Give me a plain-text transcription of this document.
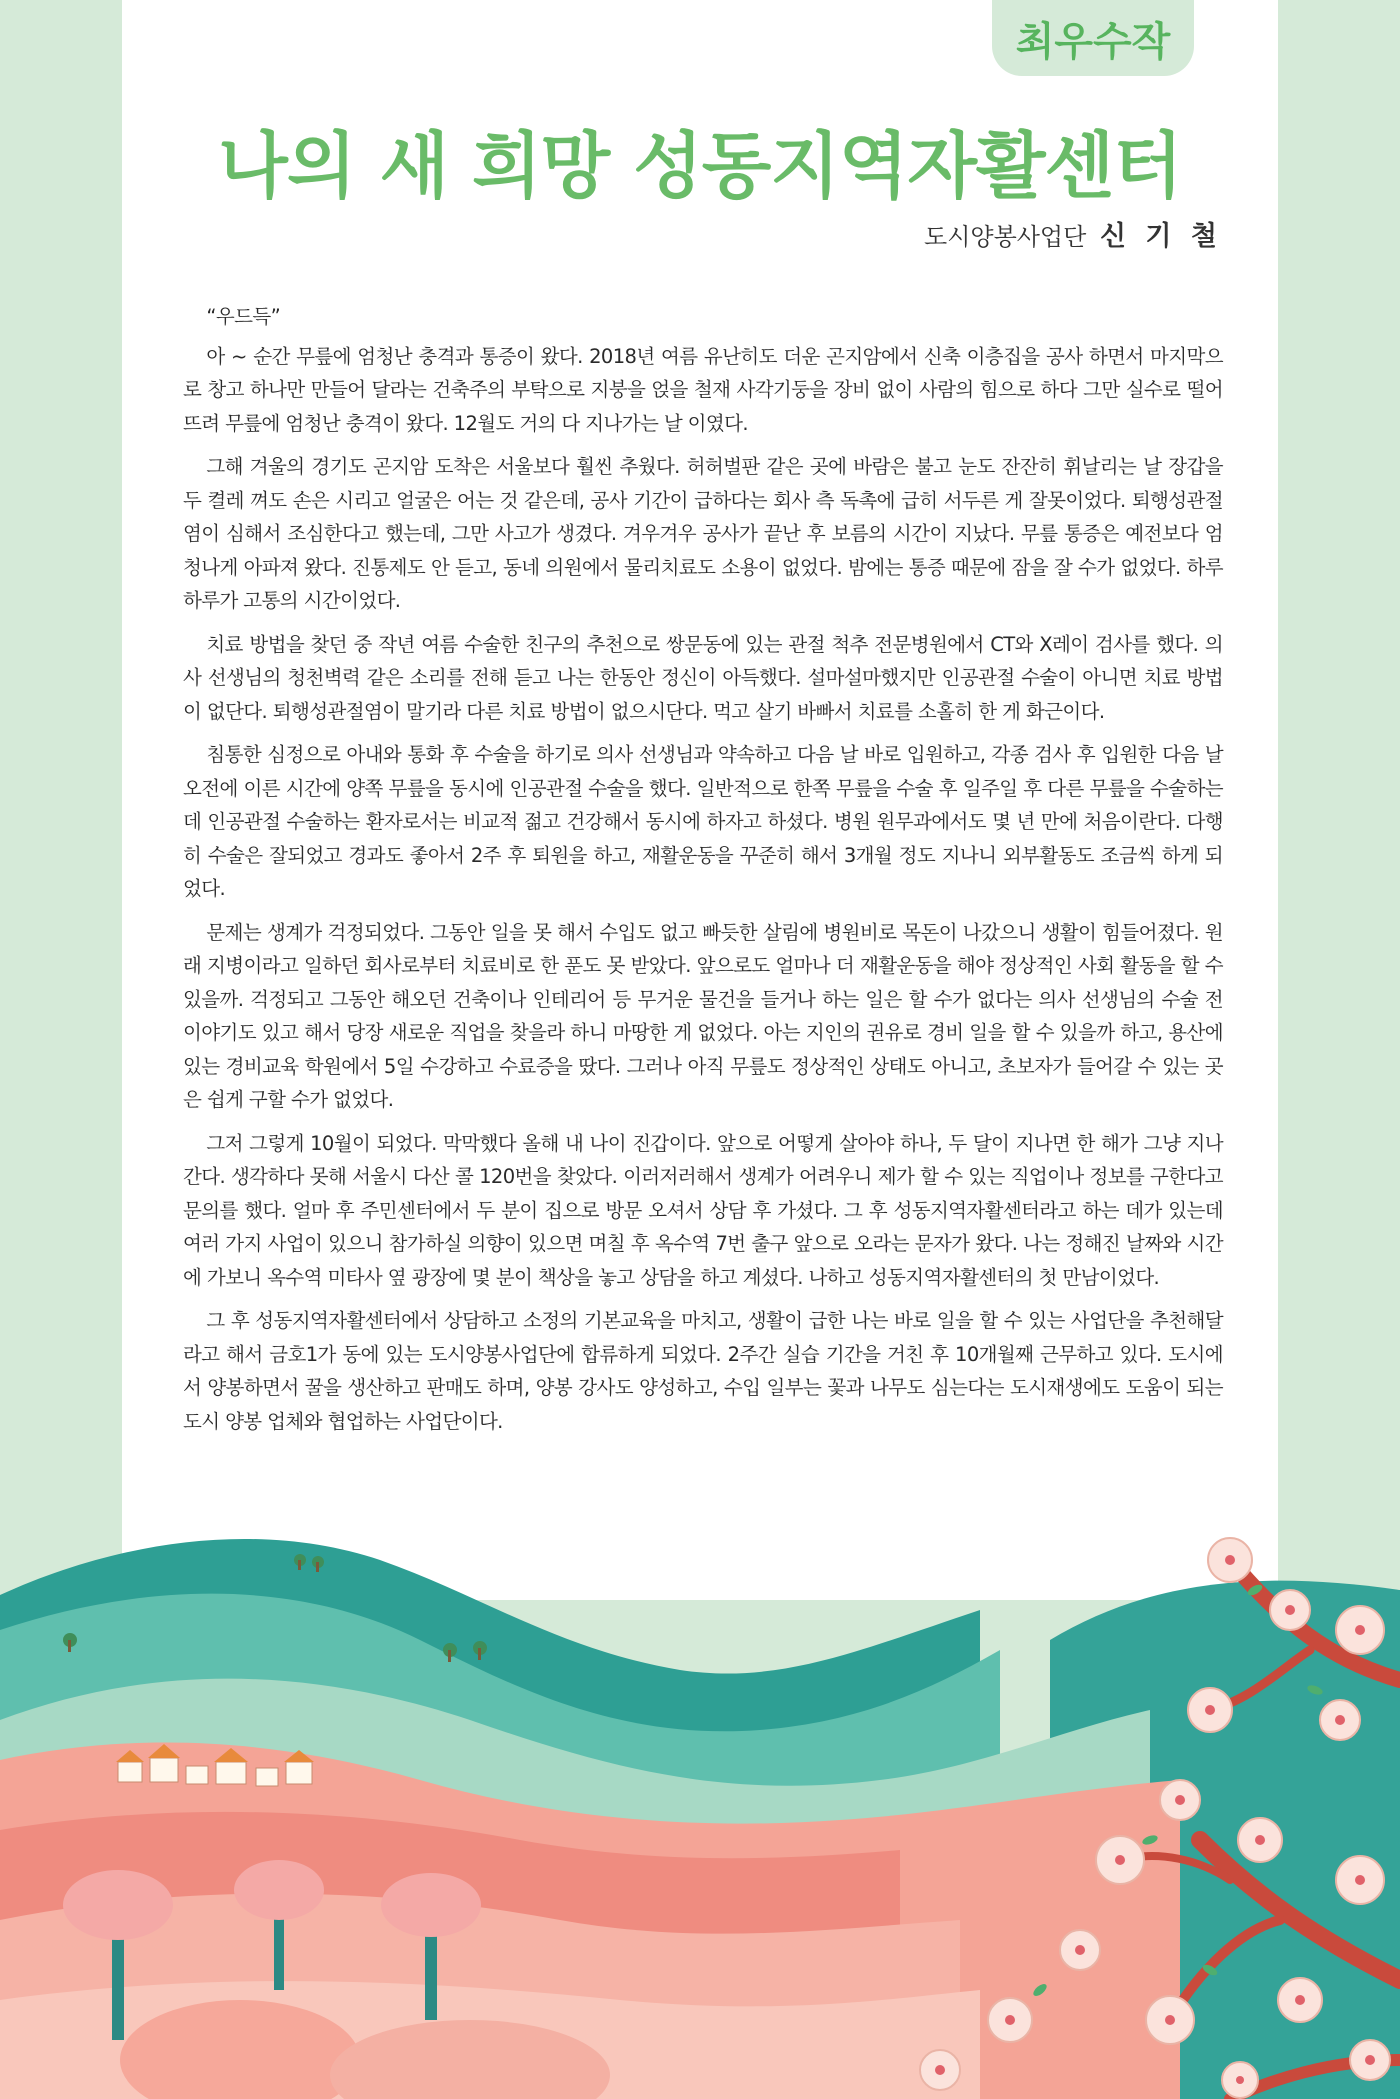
최우수작
나의 새 희망 성동지역자활센터
도시양봉사업단 신 기 철

“우드득”

아 ~ 순간 무릎에 엄청난 충격과 통증이 왔다. 2018년 여름 유난히도 더운 곤지암에서 신축 이층집을 공사 하면서 마지막으로 창고 하나만 만들어 달라는 건축주의 부탁으로 지붕을 얹을 철재 사각기둥을 장비 없이 사람의 힘으로 하다 그만 실수로 떨어뜨려 무릎에 엄청난 충격이 왔다. 12월도 거의 다 지나가는 날 이였다.

그해 겨울의 경기도 곤지암 도착은 서울보다 훨씬 추웠다. 허허벌판 같은 곳에 바람은 불고 눈도 잔잔히 휘날리는 날 장갑을 두 켤레 껴도 손은 시리고 얼굴은 어는 것 같은데, 공사 기간이 급하다는 회사 측 독촉에 급히 서두른 게 잘못이었다. 퇴행성관절염이 심해서 조심한다고 했는데, 그만 사고가 생겼다. 겨우겨우 공사가 끝난 후 보름의 시간이 지났다. 무릎 통증은 예전보다 엄청나게 아파져 왔다. 진통제도 안 듣고, 동네 의원에서 물리치료도 소용이 없었다. 밤에는 통증 때문에 잠을 잘 수가 없었다. 하루하루가 고통의 시간이었다.

치료 방법을 찾던 중 작년 여름 수술한 친구의 추천으로 쌍문동에 있는 관절 척추 전문병원에서 CT와 X레이 검사를 했다. 의사 선생님의 청천벽력 같은 소리를 전해 듣고 나는 한동안 정신이 아득했다. 설마설마했지만 인공관절 수술이 아니면 치료 방법이 없단다. 퇴행성관절염이 말기라 다른 치료 방법이 없으시단다. 먹고 살기 바빠서 치료를 소홀히 한 게 화근이다.

침통한 심정으로 아내와 통화 후 수술을 하기로 의사 선생님과 약속하고 다음 날 바로 입원하고, 각종 검사 후 입원한 다음 날 오전에 이른 시간에 양쪽 무릎을 동시에 인공관절 수술을 했다. 일반적으로 한쪽 무릎을 수술 후 일주일 후 다른 무릎을 수술하는데 인공관절 수술하는 환자로서는 비교적 젊고 건강해서 동시에 하자고 하셨다. 병원 원무과에서도 몇 년 만에 처음이란다. 다행히 수술은 잘되었고 경과도 좋아서 2주 후 퇴원을 하고, 재활운동을 꾸준히 해서 3개월 정도 지나니 외부활동도 조금씩 하게 되었다.

문제는 생계가 걱정되었다. 그동안 일을 못 해서 수입도 없고 빠듯한 살림에 병원비로 목돈이 나갔으니 생활이 힘들어졌다. 원래 지병이라고 일하던 회사로부터 치료비로 한 푼도 못 받았다. 앞으로도 얼마나 더 재활운동을 해야 정상적인 사회 활동을 할 수 있을까. 걱정되고 그동안 해오던 건축이나 인테리어 등 무거운 물건을 들거나 하는 일은 할 수가 없다는 의사 선생님의 수술 전 이야기도 있고 해서 당장 새로운 직업을 찾을라 하니 마땅한 게 없었다. 아는 지인의 권유로 경비 일을 할 수 있을까 하고, 용산에 있는 경비교육 학원에서 5일 수강하고 수료증을 땄다. 그러나 아직 무릎도 정상적인 상태도 아니고, 초보자가 들어갈 수 있는 곳은 쉽게 구할 수가 없었다.

그저 그렇게 10월이 되었다. 막막했다 올해 내 나이 진갑이다. 앞으로 어떻게 살아야 하나, 두 달이 지나면 한 해가 그냥 지나간다. 생각하다 못해 서울시 다산 콜 120번을 찾았다. 이러저러해서 생계가 어려우니 제가 할 수 있는 직업이나 정보를 구한다고 문의를 했다. 얼마 후 주민센터에서 두 분이 집으로 방문 오셔서 상담 후 가셨다. 그 후 성동지역자활센터라고 하는 데가 있는데 여러 가지 사업이 있으니 참가하실 의향이 있으면 며칠 후 옥수역 7번 출구 앞으로 오라는 문자가 왔다. 나는 정해진 날짜와 시간에 가보니 옥수역 미타사 옆 광장에 몇 분이 책상을 놓고 상담을 하고 계셨다. 나하고 성동지역자활센터의 첫 만남이었다.

그 후 성동지역자활센터에서 상담하고 소정의 기본교육을 마치고, 생활이 급한 나는 바로 일을 할 수 있는 사업단을 추천해달라고 해서 금호1가 동에 있는 도시양봉사업단에 합류하게 되었다. 2주간 실습 기간을 거친 후 10개월째 근무하고 있다. 도시에서 양봉하면서 꿀을 생산하고 판매도 하며, 양봉 강사도 양성하고, 수입 일부는 꽃과 나무도 심는다는 도시재생에도 도움이 되는 도시 양봉 업체와 협업하는 사업단이다.
